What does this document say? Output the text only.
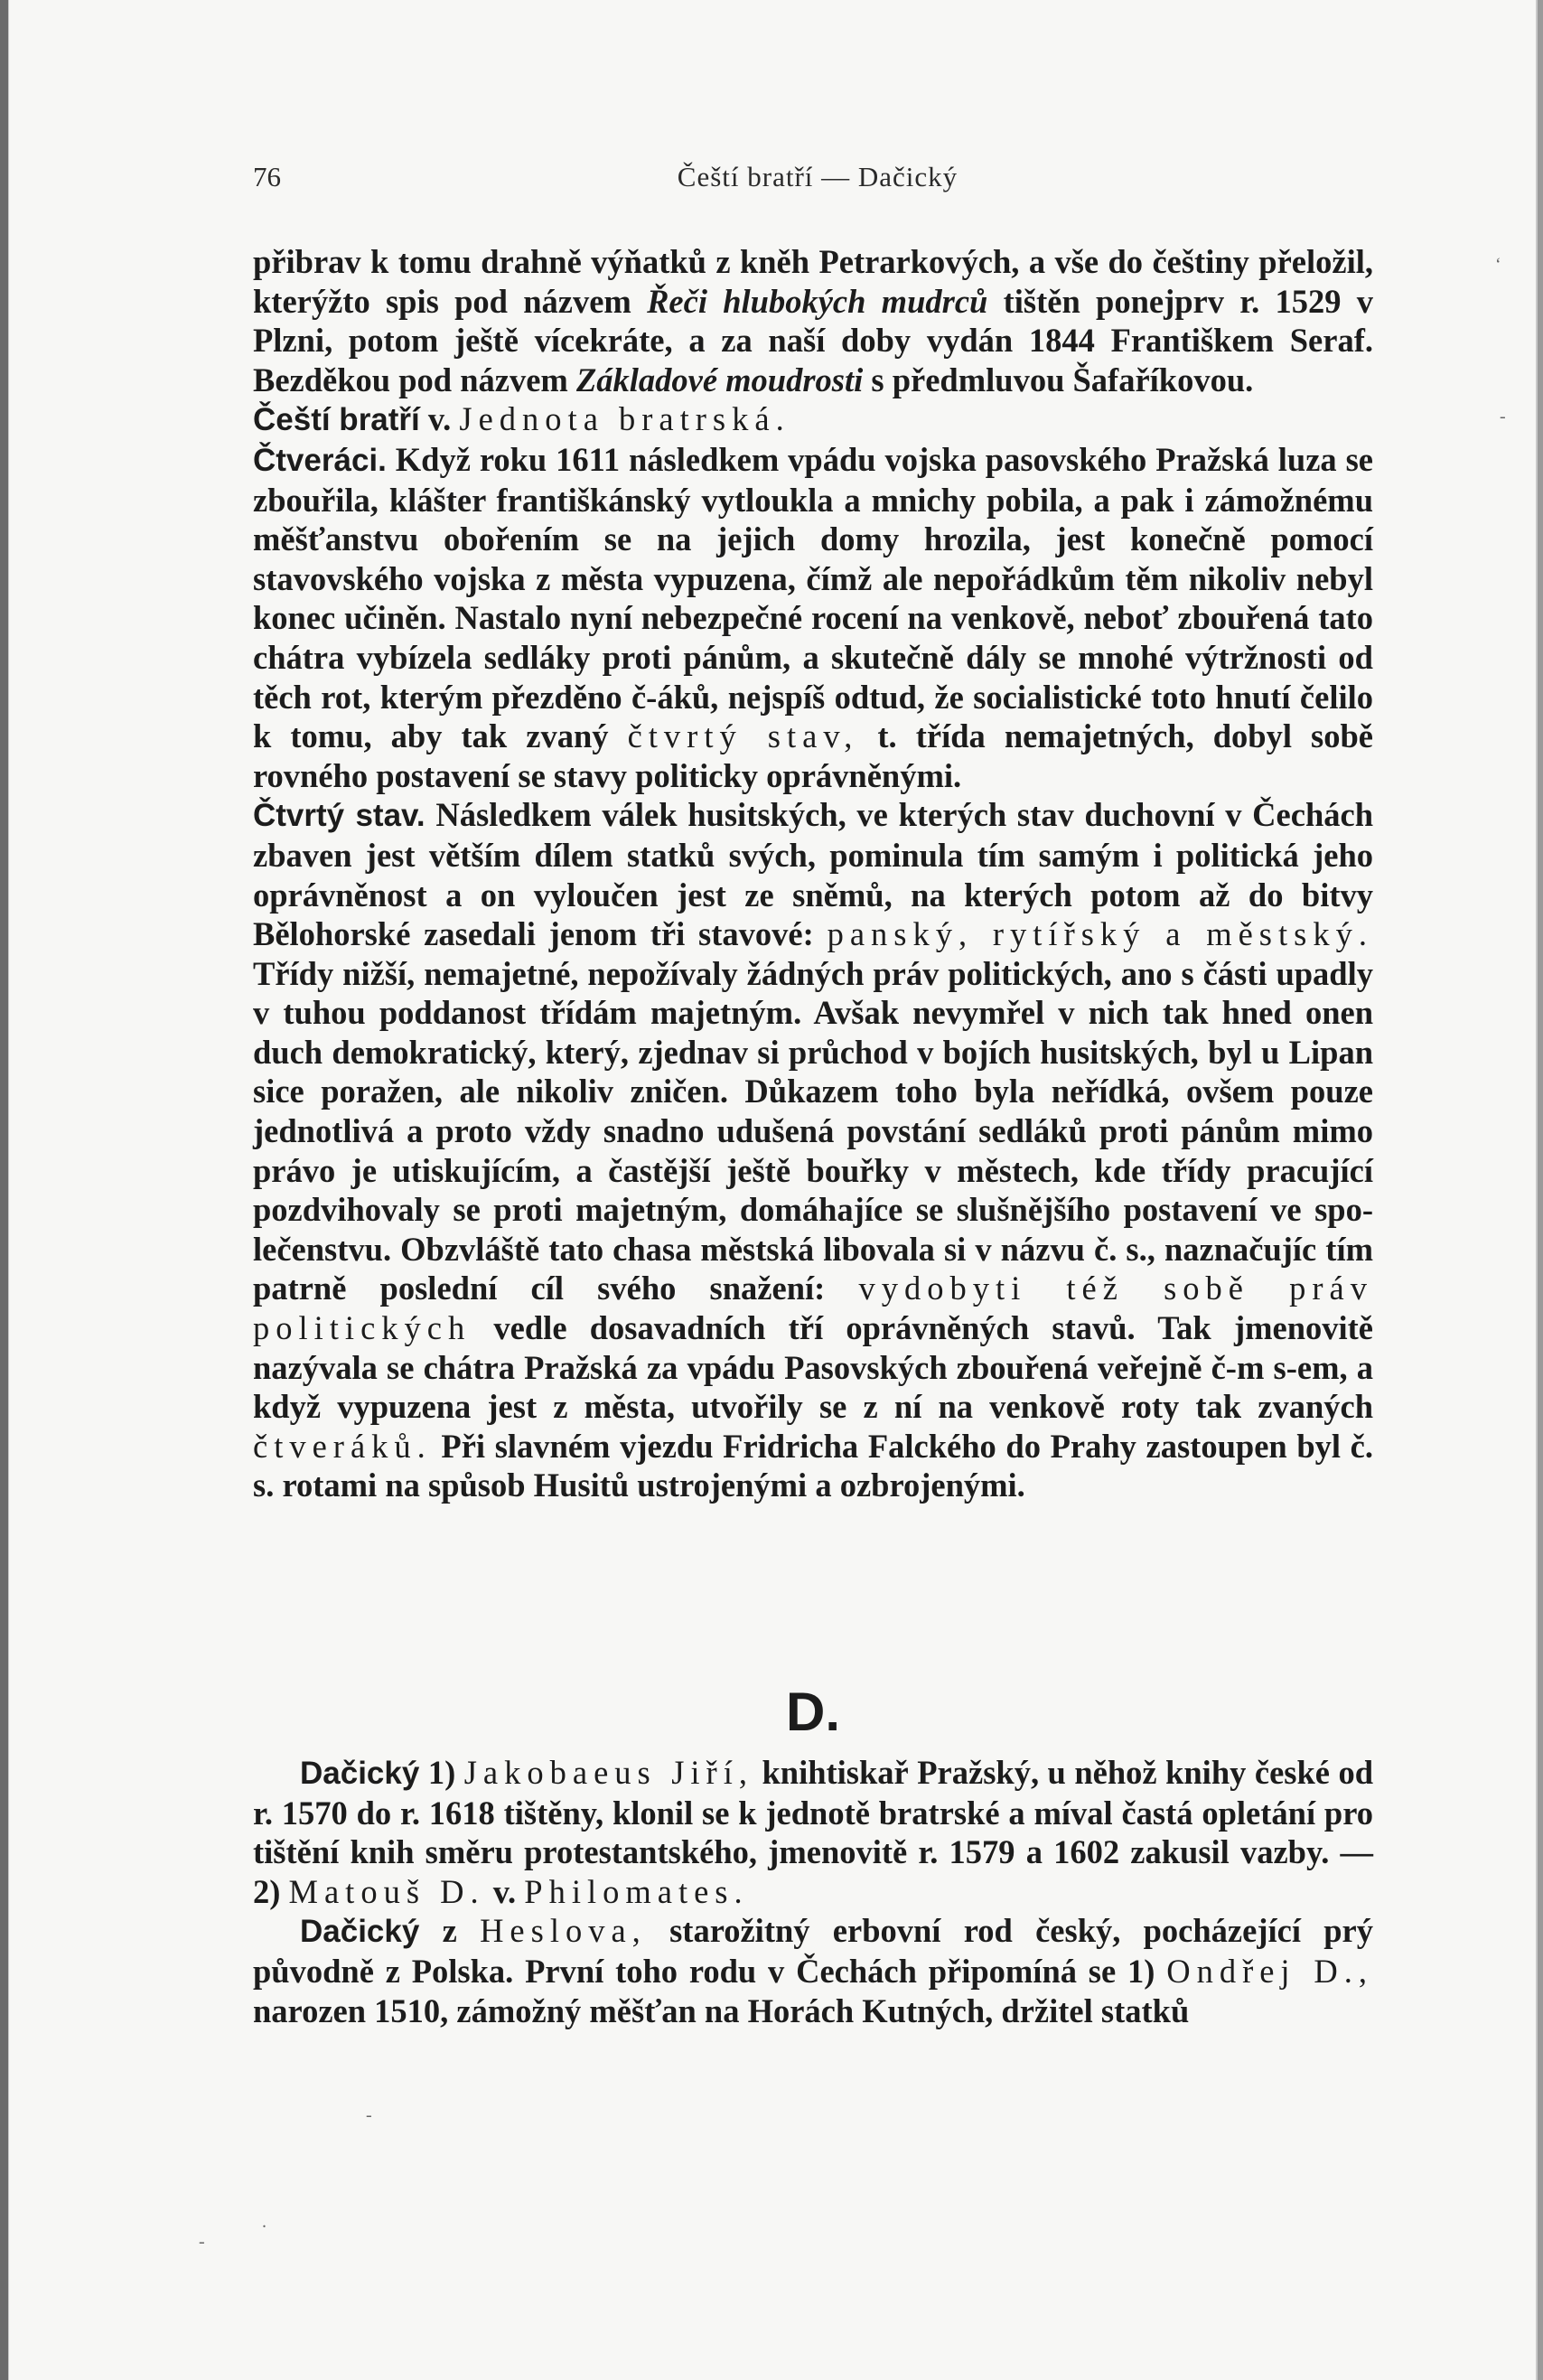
76	Čeští bratří — Dačický

přibrav k tomu drahně výňatků z kněh Petrarkových, a vše do češtiny přeložil, kterýžto spis pod názvem Řeči hlubokých mudrců tištěn ponejprv r. 1529 v Plzni, potom ještě vícekráte, a za naší doby vydán 1844 Františkem Seraf. Bezděkou pod názvem Základové moudrosti s předmluvou Šafaříkovou.

Čeští bratří v. Jednota bratrská.

Čtveráci. Když roku 1611 následkem vpádu vojska pasovského Pražská luza se zbouřila, klášter františkánský vytloukla a mnichy pobila, a pak i zámožnému měšťanstvu obořením se na jejich domy hrozila, jest konečně pomocí stavovského vojska z města vypuzena, čímž ale nepořádkům těm nikoliv nebyl konec učiněn. Nastalo nyní nebezpečné rocení na venkově, neboť zbouřená tato chátra vybízela sedláky proti pánům, a skutečně dály se mnohé výtržnosti od těch rot, kterým přezděno č-áků, nejspíš odtud, že socialistické toto hnutí čelilo k tomu, aby tak zvaný čtvrtý stav, t. třída nemajetných, dobyl sobě rovného postavení se stavy politicky oprávněnými.

Čtvrtý stav. Následkem válek husitských, ve kterých stav duchovní v Čechách zbaven jest větším dílem statků svých, pominula tím samým i politická jeho oprávněnost a on vyloučen jest ze sněmů, na kterých potom až do bitvy Bělohorské zasedali jenom tři stavové: panský, rytířský a městský. Třídy nižší, nemajetné, nepožívaly žádných práv politických, ano s části upadly v tuhou poddanost třídám majetným. Avšak nevymřel v nich tak hned onen duch demokratický, který, zjednav si průchod v bojích husitských, byl u Lipan sice poražen, ale nikoliv zničen. Důkazem toho byla neřídká, ovšem pouze jednotlivá a proto vždy snadno udušená povstání sedláků proti pánům mimo právo je utiskujícím, a častější ještě bouřky v městech, kde třídy pracující pozdvihovaly se proti majetným, domáhajíce se slušnějšího postavení ve společenstvu. Obzvláště tato chasa městská libovala si v názvu č. s., naznačujíc tím patrně poslední cíl svého snažení: vydobyti též sobě práv politických vedle dosavadních tří oprávněných stavů. Tak jmenovitě nazývala se chátra Pražská za vpádu Pasovských zbouřená veřejně č-m s-em, a když vypuzena jest z města, utvořily se z ní na venkově roty tak zvaných čtveráků. Při slavném vjezdu Fridricha Falckého do Prahy zastoupen byl č. s. rotami na spůsob Husitů ustrojenými a ozbrojenými.

D.

Dačický 1) Jakobaeus Jiří, knihtiskař Pražský, u něhož knihy české od r. 1570 do r. 1618 tištěny, klonil se k jednotě bratrské a míval častá opletání pro tištění knih směru protestantského, jmenovitě r. 1579 a 1602 zakusil vazby. — 2) Matouš D. v. Philomates.

Dačický z Heslova, starožitný erbovní rod český, pocházející prý původně z Polska. První toho rodu v Čechách připomíná se 1) Ondřej D., narozen 1510, zámožný měšťan na Horách Kutných, držitel statků

‘
-
.
-
-
